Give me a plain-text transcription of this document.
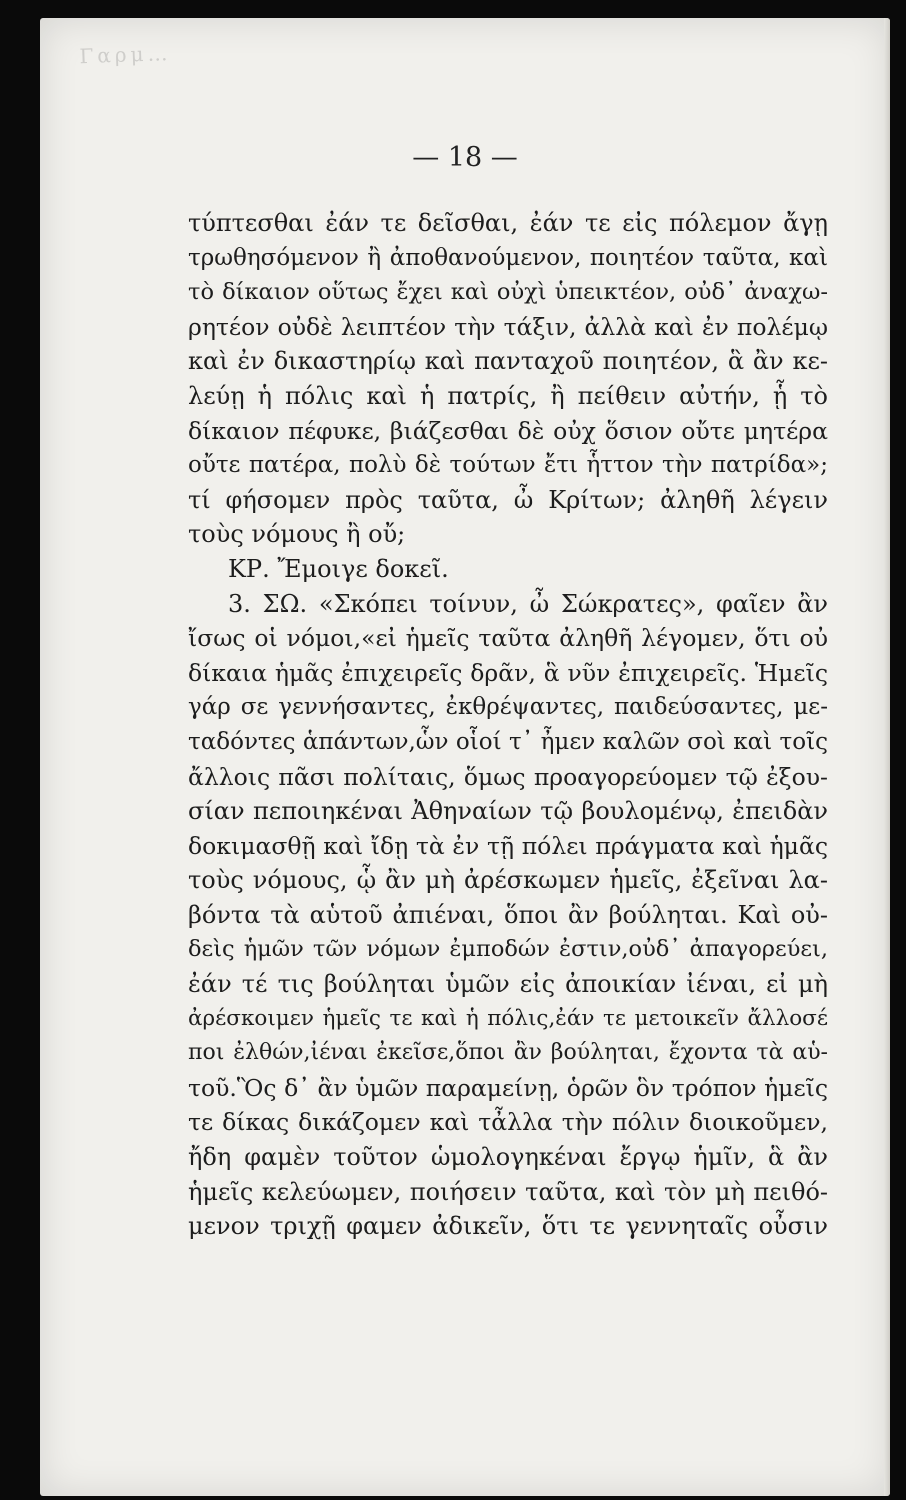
Γαρμ…
— 18 —
τύπτεσθαι ἐάν τε δεῖσθαι, ἐάν τε εἰς πόλεμον ἄγῃ
τρωθησόμενον ἢ ἀποθανούμενον, ποιητέον ταῦτα, καὶ
τὸ δίκαιον οὕτως ἔχει καὶ οὐχὶ ὑπεικτέον, οὐδ᾽ ἀναχω-
ρητέον οὐδὲ λειπτέον τὴν τάξιν, ἀλλὰ καὶ ἐν πολέμῳ
καὶ ἐν δικαστηρίῳ καὶ πανταχοῦ ποιητέον, ἃ ἂν κε-
λεύῃ ἡ πόλις καὶ ἡ πατρίς, ἢ πείθειν αὐτήν, ᾗ τὸ
δίκαιον πέφυκε, βιάζεσθαι δὲ οὐχ ὅσιον οὔτε μητέρα
οὔτε πατέρα, πολὺ δὲ τούτων ἔτι ἧττον τὴν πατρίδα»;
τί φήσομεν πρὸς ταῦτα, ὦ Κρίτων; ἀληθῆ λέγειν
τοὺς νόμους ἢ οὔ;
ΚΡ. Ἔμοιγε δοκεῖ.
3. ΣΩ. «Σκόπει τοίνυν, ὦ Σώκρατες», φαῖεν ἂν
ἴσως οἱ νόμοι,«εἰ ἡμεῖς ταῦτα ἀληθῆ λέγομεν, ὅτι οὐ
δίκαια ἡμᾶς ἐπιχειρεῖς δρᾶν, ἃ νῦν ἐπιχειρεῖς. Ἡμεῖς
γάρ σε γεννήσαντες, ἐκθρέψαντες, παιδεύσαντες, με-
ταδόντες ἁπάντων,ὧν οἷοί τ᾽ ἦμεν καλῶν σοὶ καὶ τοῖς
ἄλλοις πᾶσι πολίταις, ὅμως προαγορεύομεν τῷ ἐξου-
σίαν πεποιηκέναι Ἀθηναίων τῷ βουλομένῳ, ἐπειδὰν
δοκιμασθῇ καὶ ἴδῃ τὰ ἐν τῇ πόλει πράγματα καὶ ἡμᾶς
τοὺς νόμους, ᾧ ἂν μὴ ἀρέσκωμεν ἡμεῖς, ἐξεῖναι λα-
βόντα τὰ αὑτοῦ ἀπιέναι, ὅποι ἂν βούληται. Καὶ οὐ-
δεὶς ἡμῶν τῶν νόμων ἐμποδών ἐστιν,οὐδ᾽ ἀπαγορεύει,
ἐάν τέ τις βούληται ὑμῶν εἰς ἀποικίαν ἰέναι, εἰ μὴ
ἀρέσκοιμεν ἡμεῖς τε καὶ ἡ πόλις,ἐάν τε μετοικεῖν ἄλλοσέ
ποι ἐλθών,ἰέναι ἐκεῖσε,ὅποι ἂν βούληται, ἔχοντα τὰ αὑ-
τοῦ.Ὃς δ᾽ ἂν ὑμῶν παραμείνῃ, ὁρῶν ὃν τρόπον ἡμεῖς
τε δίκας δικάζομεν καὶ τἆλλα τὴν πόλιν διοικοῦμεν,
ἤδη φαμὲν τοῦτον ὡμολογηκέναι ἔργῳ ἡμῖν, ἃ ἂν
ἡμεῖς κελεύωμεν, ποιήσειν ταῦτα, καὶ τὸν μὴ πειθό-
μενον τριχῇ φαμεν ἀδικεῖν, ὅτι τε γεννηταῖς οὖσιν
